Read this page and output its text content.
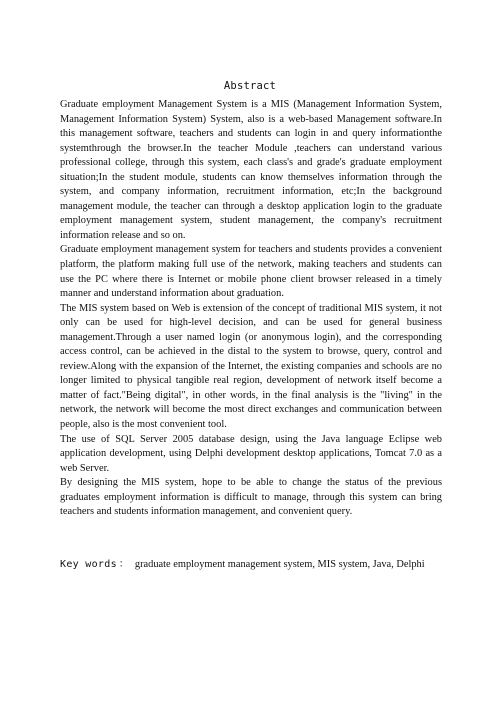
Abstract

Graduate employment Management System is a MIS (Management Information System, Management Information System) System, also is a web-based Management software.In this management software, teachers and students can login in and query informationthe systemthrough the browser.In the teacher Module ,teachers can understand various professional college, through this system, each class's and grade's graduate employment situation;In the student module, students can know themselves information through the system, and company information, recruitment information, etc;In the background management module, the teacher can through a desktop application login to the graduate employment management system, student management, the company's recruitment information release and so on.

Graduate employment management system for teachers and students provides a convenient platform, the platform making full use of the network, making teachers and students can use the PC where there is Internet or mobile phone client browser released in a timely manner and understand information about graduation.

The MIS system based on Web is extension of the concept of traditional MIS system, it not only can be used for high-level decision, and can be used for general business management.Through a user named login (or anonymous login), and the corresponding access control, can be achieved in the distal to the system to browse, query, control and review.Along with the expansion of the Internet, the existing companies and schools are no longer limited to physical tangible real region, development of network itself become a matter of fact."Being digital", in other words, in the final analysis is the "living" in the network, the network will become the most direct exchanges and communication between people, also is the most convenient tool.

The use of SQL Server 2005 database design, using the Java language Eclipse web application development, using Delphi development desktop applications, Tomcat 7.0 as a web Server.

By designing the MIS system, hope to be able to change the status of the previous graduates employment information is difficult to manage, through this system can bring teachers and students information management, and convenient query.

Key words ： graduate employment management system, MIS system, Java, Delphi
